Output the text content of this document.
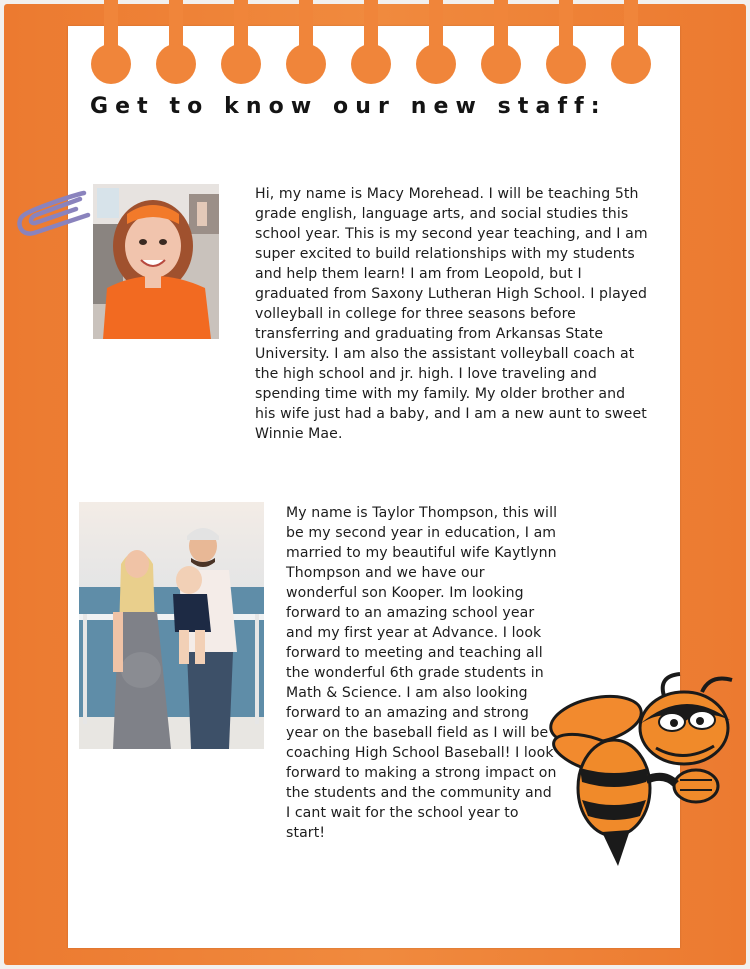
Get to know our new staff:

Hi, my name is Macy Morehead. I will be teaching 5th grade english, language arts, and social studies this school year. This is my second year teaching, and I am super excited to build relationships with my students and help them learn! I am from Leopold, but I graduated from Saxony Lutheran High School. I played volleyball in college for three seasons before transferring and graduating from Arkansas State University. I am also the assistant volleyball coach at the high school and jr. high. I love traveling and spending time with my family. My older brother and his wife just had a baby, and I am a new aunt to sweet Winnie Mae.

My name is Taylor Thompson, this will be my second year in education, I am married to my beautiful wife Kaytlynn Thompson and we have our wonderful son Kooper. Im looking forward to an amazing school year and my first year at Advance. I look forward to meeting and teaching all the wonderful 6th grade students in Math & Science. I am also looking forward to an amazing and strong year on the baseball field as I will be coaching High School Baseball! I look forward to making a strong impact on the students and the community and I cant wait for the school year to start!
